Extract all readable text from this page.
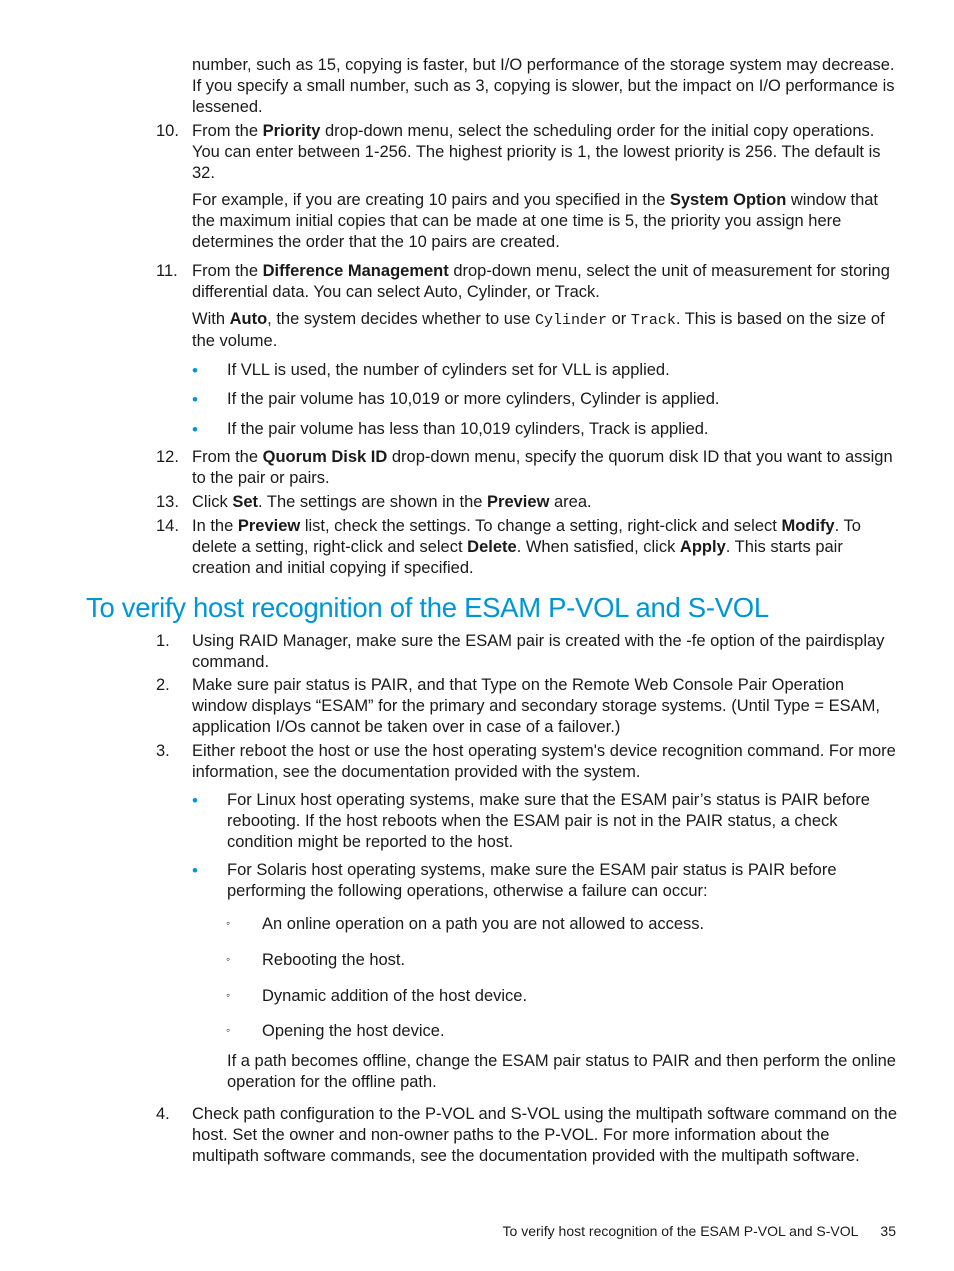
number, such as 15, copying is faster, but I/O performance of the storage system may decrease. If you specify a small number, such as 3, copying is slower, but the impact on I/O performance is lessened.

10. From the Priority drop-down menu, select the scheduling order for the initial copy operations. You can enter between 1-256. The highest priority is 1, the lowest priority is 256. The default is 32.

For example, if you are creating 10 pairs and you specified in the System Option window that the maximum initial copies that can be made at one time is 5, the priority you assign here determines the order that the 10 pairs are created.

11. From the Difference Management drop-down menu, select the unit of measurement for storing differential data. You can select Auto, Cylinder, or Track.

With Auto, the system decides whether to use Cylinder or Track. This is based on the size of the volume.

• If VLL is used, the number of cylinders set for VLL is applied.

• If the pair volume has 10,019 or more cylinders, Cylinder is applied.

• If the pair volume has less than 10,019 cylinders, Track is applied.

12. From the Quorum Disk ID drop-down menu, specify the quorum disk ID that you want to assign to the pair or pairs.

13. Click Set. The settings are shown in the Preview area.

14. In the Preview list, check the settings. To change a setting, right-click and select Modify. To delete a setting, right-click and select Delete. When satisfied, click Apply. This starts pair creation and initial copying if specified.

To verify host recognition of the ESAM P-VOL and S-VOL
1.	Using RAID Manager, make sure the ESAM pair is created with the -fe option of the pairdisplay command.

2.	Make sure pair status is PAIR, and that Type on the Remote Web Console Pair Operation window displays “ESAM” for the primary and secondary storage systems. (Until Type = ESAM, application I/Os cannot be taken over in case of a failover.)

3.	Either reboot the host or use the host operating system's device recognition command. For more information, see the documentation provided with the system.

• For Linux host operating systems, make sure that the ESAM pair’s status is PAIR before rebooting. If the host reboots when the ESAM pair is not in the PAIR status, a check condition might be reported to the host.

• For Solaris host operating systems, make sure the ESAM pair status is PAIR before performing the following operations, otherwise a failure can occur:

◦ An online operation on a path you are not allowed to access.

◦ Rebooting the host.

◦ Dynamic addition of the host device.

◦ Opening the host device.

If a path becomes offline, change the ESAM pair status to PAIR and then perform the online operation for the offline path.

4.	Check path configuration to the P-VOL and S-VOL using the multipath software command on the host. Set the owner and non-owner paths to the P-VOL. For more information about the multipath software commands, see the documentation provided with the multipath software.

To verify host recognition of the ESAM P-VOL and S-VOL 35
